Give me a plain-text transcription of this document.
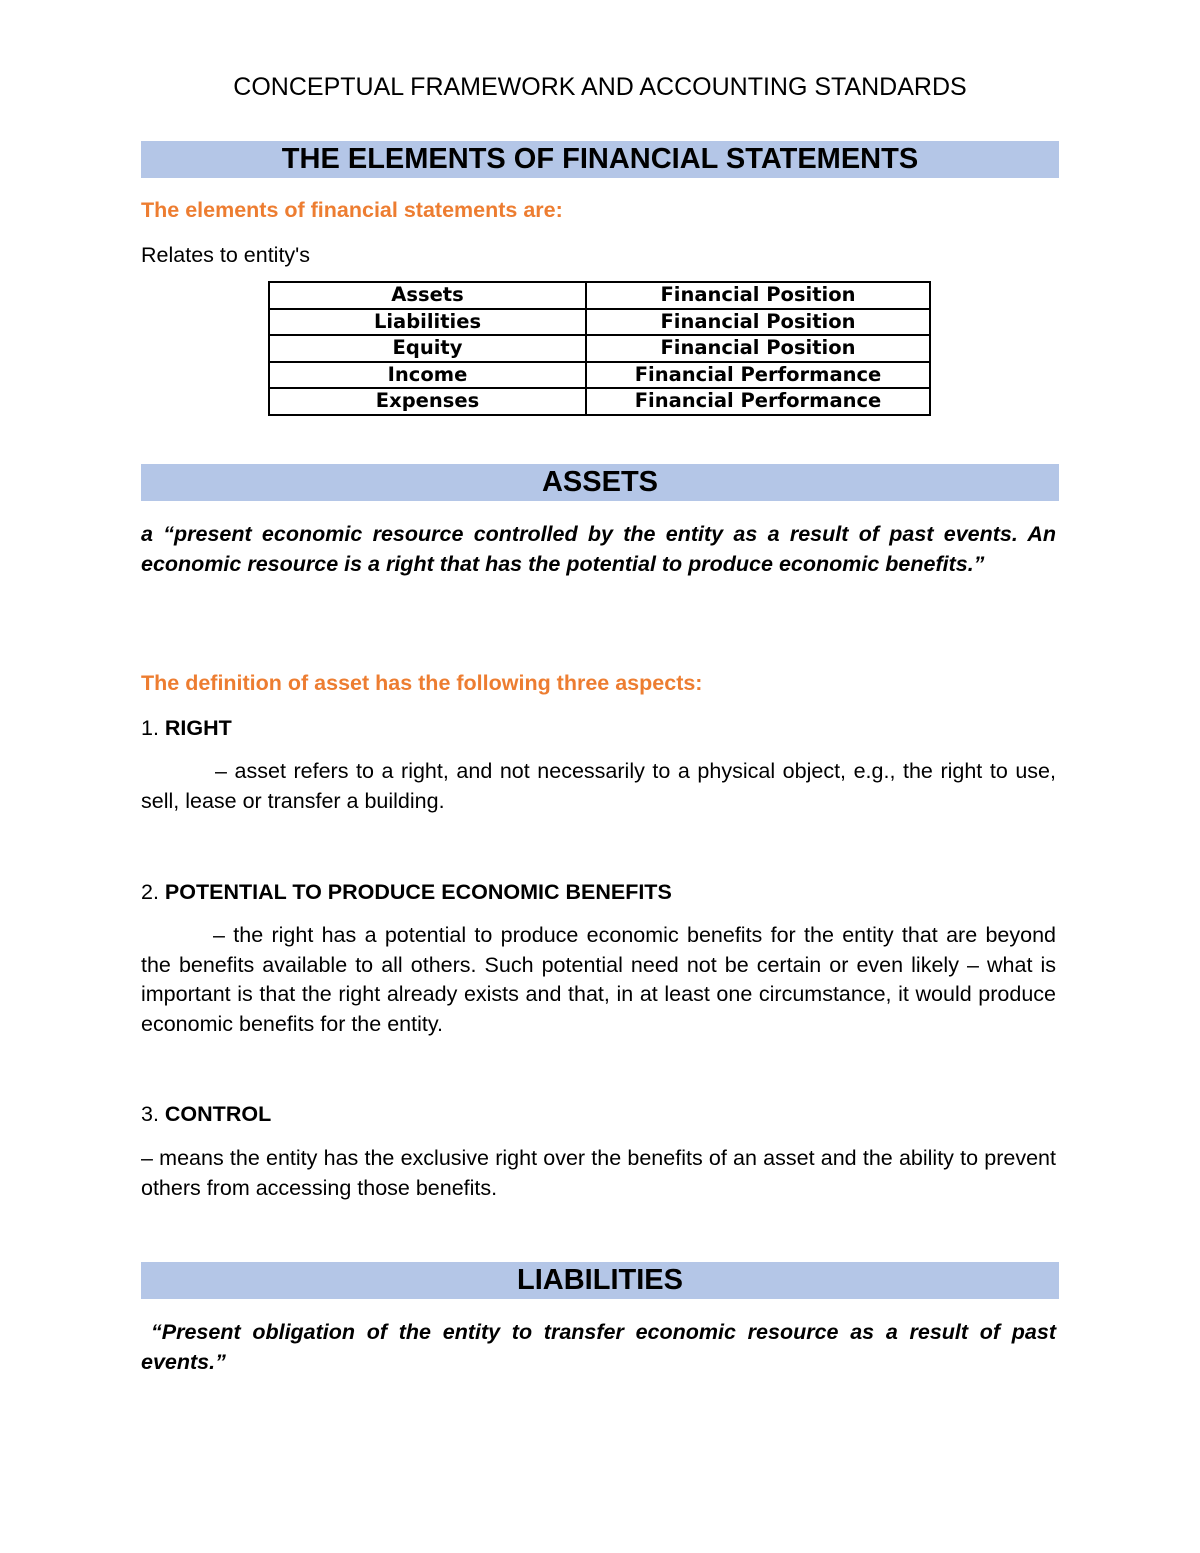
CONCEPTUAL FRAMEWORK AND ACCOUNTING STANDARDS
THE ELEMENTS OF FINANCIAL STATEMENTS
The elements of financial statements are:
Relates to entity's
Assets	Financial Position
Liabilities	Financial Position
Equity	Financial Position
Income	Financial Performance
Expenses	Financial Performance
ASSETS
a “present economic resource controlled by the entity as a result of past events. An economic resource is a right that has the potential to produce economic benefits.”
The definition of asset has the following three aspects:
1. RIGHT
– asset refers to a right, and not necessarily to a physical object, e.g., the right to use, sell, lease or transfer a building.
2. POTENTIAL TO PRODUCE ECONOMIC BENEFITS
– the right has a potential to produce economic benefits for the entity that are beyond the benefits available to all others. Such potential need not be certain or even likely – what is important is that the right already exists and that, in at least one circumstance, it would produce economic benefits for the entity.
3. CONTROL
– means the entity has the exclusive right over the benefits of an asset and the ability to prevent others from accessing those benefits.
LIABILITIES
“Present obligation of the entity to transfer economic resource as a result of past events.”
